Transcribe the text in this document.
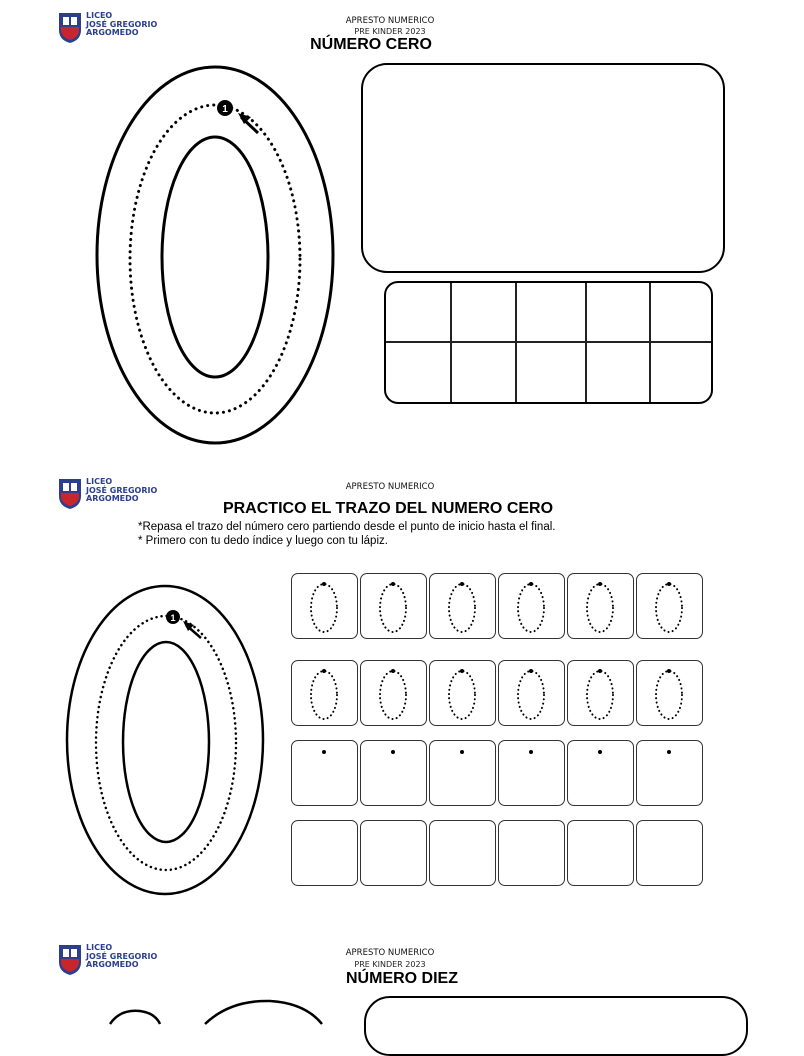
LICEO
JOSÉ GREGORIO
ARGOMEDO
APRESTO NUMERICO
PRE KINDER 2023
NÚMERO CERO
1
LICEO
JOSÉ GREGORIO
ARGOMEDO
APRESTO NUMERICO
PRACTICO EL TRAZO DEL NUMERO CERO
*Repasa el trazo del número cero partiendo desde el punto de inicio hasta el final.
* Primero con tu dedo índice y luego con tu lápiz.
1
LICEO
JOSÉ GREGORIO
ARGOMEDO
APRESTO NUMERICO
PRE KINDER 2023
NÚMERO DIEZ
